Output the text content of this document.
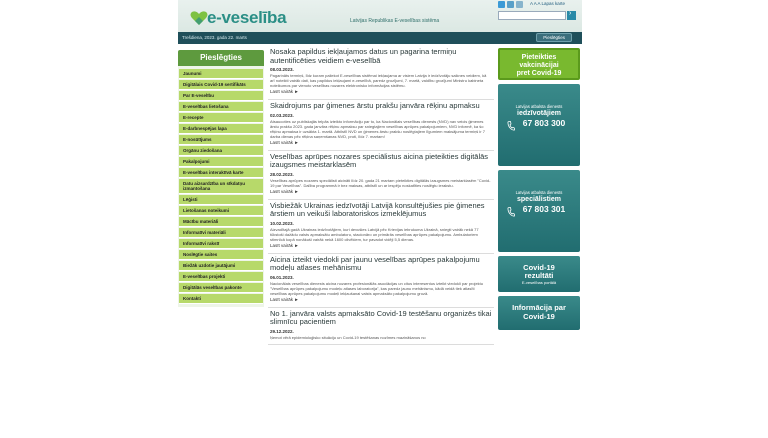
e-veselība	Latvijas Republikas E-veselības sistēma
A A A Lapas karte
›
Trešdiena, 2023. gada 22. marts	Pieslēgties
Pieslēgties
Jaunumi
Digitālais Covid-19 sertifikāts
Par E-veselību
E-veselības lietošana
E-recepte
E-darbnespējas lapa
E-nosūtījums
Orgānu ziedošana
Pakalpojumi
E-veselības interaktīvā karte
Datu aizsardzība un sīkdatņu izmantošana
Lēģisti
Lietošanas noteikumi
Mācību materiāli
Informatīvi materiāli
Informatīvi rakstī
Noslēgtie saites
Biežāk uzdotie jautājumi
E-veselības projekti
Digitālās veselības pakonte
Kontakti
Nosaka papildus iekļaujamos datus un pagarina termiņu autentificēties veidiem e-veselībā
08.03.2023.
Pagarināts termiņš, līdz kuram paliekot E-veselības sistēmai iekļaujama ar visiem Latvija ir iedzīvotāju saiknes veidiem, kā arī noteikti vairāk dati, kas papildus iekļaujami e-veselībā, paredz grozījumi, 7. martā, valdību grozījumi Ministru kabineta noteikumos par vienoto veselības nozares elektronisko informācijas sistēmu.
Lasīt vairāk ►
Skaidrojums par ģimenes ārstu prakšu janvāra rēķinu apmaksu
02.03.2023.
Atsaucoties uz publiskajās telpās izteikto informāciju par to, ka Nacionālais veselības dienests (NVD) nav veicis ģimenes ārstu prakšu 2023. gada janvāra rēķinu apmaksu par sniegtajiem veselības aprūpes pakalpojumiem, NVD informē, ka šo rēķinu apmaksa ir uzsākta 1. martā. Atbilstīi NVD un ģimenes ārstu prakšu noslēgtajiem līgumiem maksājuma termiņš ir 7 darba dienas pēc rēķina saņemšanas NVD, proti, līdz 7. martam!
Lasīt vairāk ►
Veselības aprūpes nozares speciālistus aicina pieteikties digitālās izaugsmes meistarklasēm
28.02.2023.
Veselības aprūpes nozares speciālisti aicināti līdz 20. gada 21 martam pieteikties digitālās izaugsmes meistarklasēm "Covid-19 par Veselības". Dalība programmā ir bez maksas, atbilstīi un ar iespēju noskatīties noslēgtu ierakstu.
Lasīt vairāk ►
Visbiežāk Ukrainas iedzīvotāji Latvijā konsultējušies pie ģimenes ārstiem un veikuši laboratoriskos izmeklējumus
10.02.2023.
Aizvadītajā gadā Ukrainas iedzīvotājiem, kuri devušies Latvijā pēc Krievijas iebrukuma Ukrainā, sniegti vairāk nekā 77 tūkstoši dažādu valsts apmaksātu ambulatoru, stacionāro un primārās veselības aprūpes pakalpojumu. Ambulatoriem stimnīcā kopā nonākuši vairāk nekā 1600 cilvēkiem, tur pavadot vidēji 5,5 dienas.
Lasīt vairāk ►
Aicina izteikt viedokli par jaunu veselības aprūpes pakalpojumu modeļu atlases mehānismu
06.01.2023.
Nacionālais veselības dienests aicina nozares profesionālās asociācijas un citus interesentus izteikt viedokli par projektu "Veselības aprūpes pakalpojumu modeļu atlases laboratorija", kas paredz jaunu mehānismu, kādā veidā tiek atlasīti veselības aprūpes pakalpojumu modeļi iekļaušanai valsts apmaksāto pakalpojumu grozā.
Lasīt vairāk ►
No 1. janvāra valsts apmaksāto Covid-19 testēšanu organizēs tikai slimnīcu pacientiem
29.12.2022.
Ņemot vērā epidemioloģisko situāciju un Covid-19 testēšanas nozīmes mazināšanos no
Pieteikties
vakcinācijai
pret Covid-19
Latvijas atbalsta dienests
iedzīvotājiem
67 803 300
Latvijas atbalsta dienests
speciālistiem
67 803 301
Covid-19
rezultāti
E-veselības portālā
Informācija par
Covid-19
